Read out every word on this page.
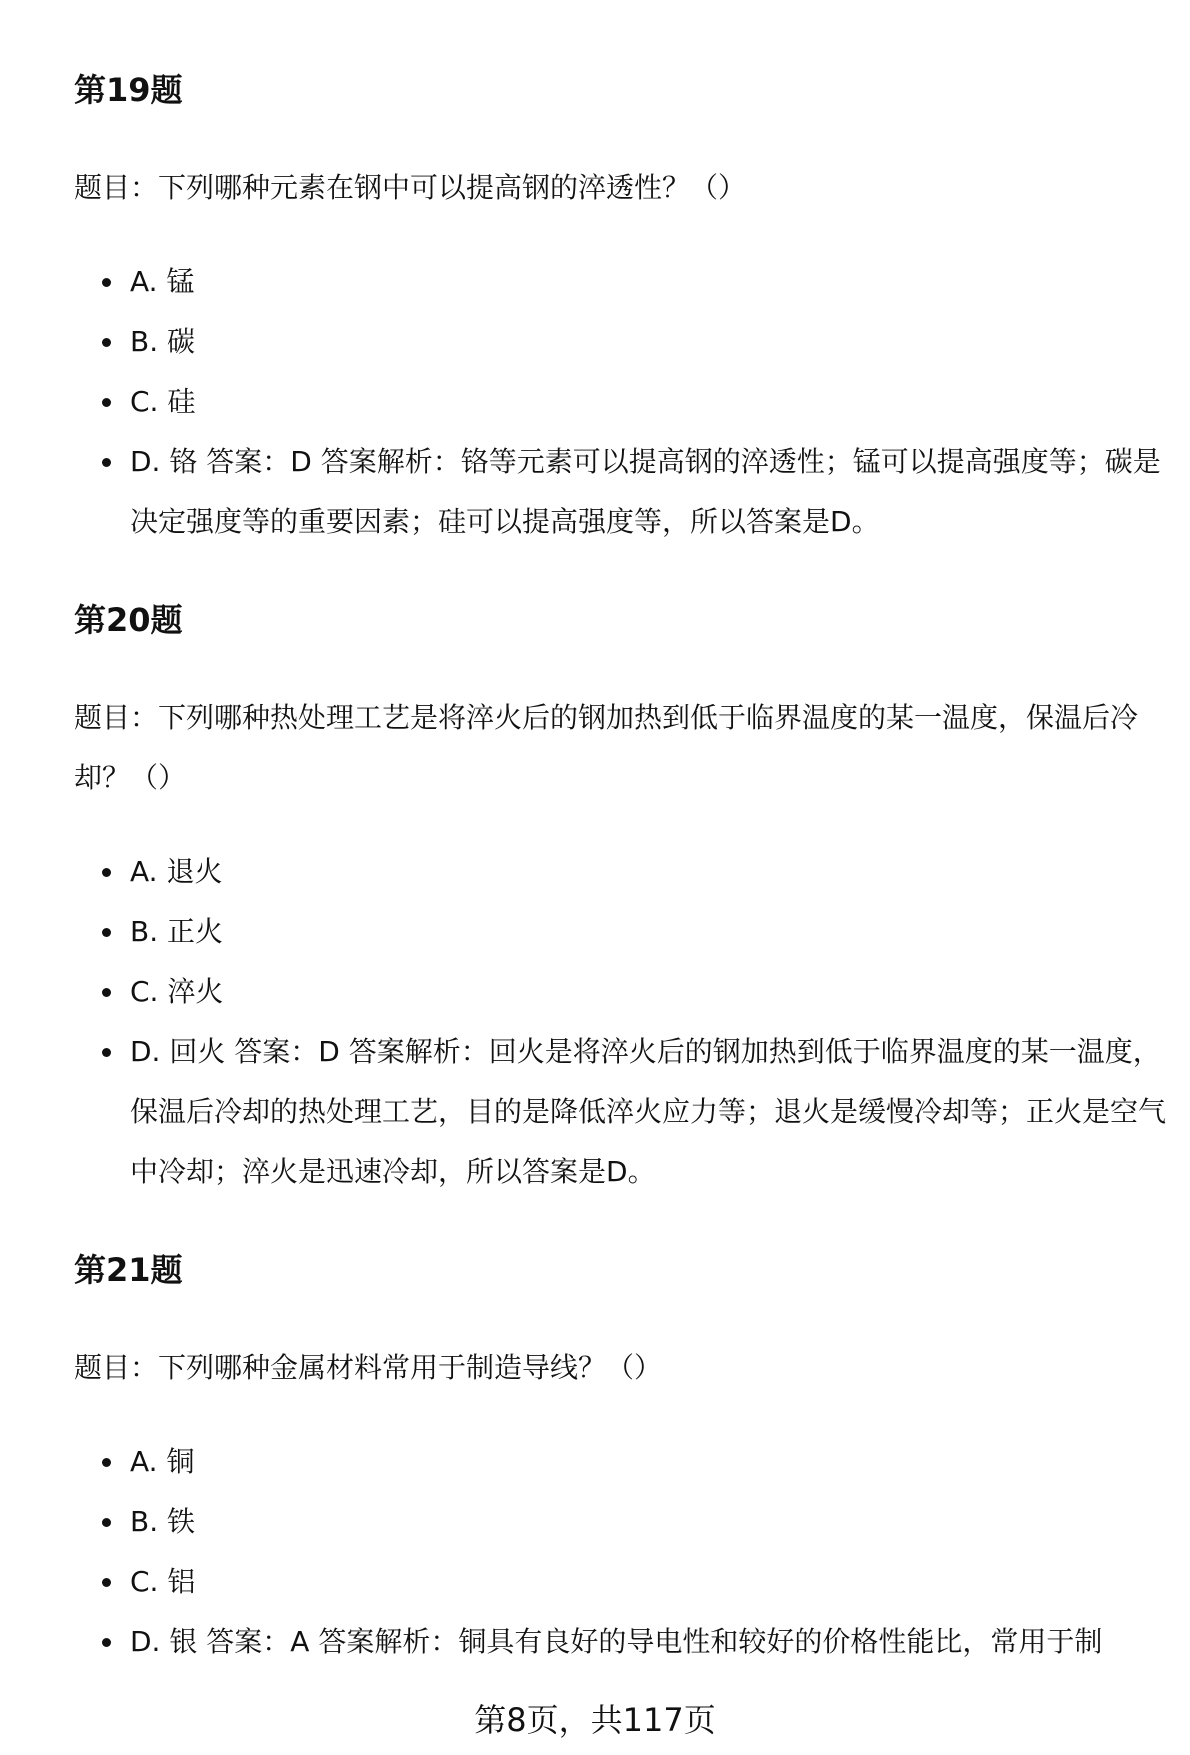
第19题

题目：下列哪种元素在钢中可以提高钢的淬透性？（）

A. 锰
B. 碳
C. 硅
D. 铬 答案：D 答案解析：铬等元素可以提高钢的淬透性；锰可以提高强度等；碳是决定强度等的重要因素；硅可以提高强度等，所以答案是D。
第20题

题目：下列哪种热处理工艺是将淬火后的钢加热到低于临界温度的某一温度，保温后冷却？（）

A. 退火
B. 正火
C. 淬火
D. 回火 答案：D 答案解析：回火是将淬火后的钢加热到低于临界温度的某一温度，保温后冷却的热处理工艺，目的是降低淬火应力等；退火是缓慢冷却等；正火是空气中冷却；淬火是迅速冷却，所以答案是D。
第21题

题目：下列哪种金属材料常用于制造导线？（）

A. 铜
B. 铁
C. 铝
D. 银 答案：A 答案解析：铜具有良好的导电性和较好的价格性能比，常用于制
第8页，共117页
